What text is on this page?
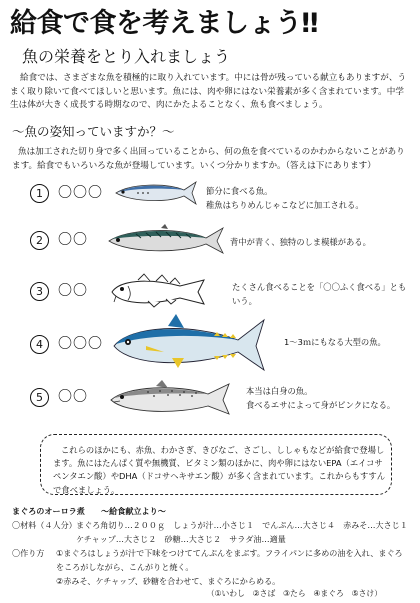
給食で食を考えましょう‼
魚の栄養をとり入れましょう
給食では、さまざまな魚を積極的に取り入れています。中には骨が残っている献立もありますが、うまく取り除いて食べてほしいと思います。魚には、肉や卵にはない栄養素が多く含まれています。中学生は体が大きく成長する時期なので、肉にかたよることなく、魚も食べましょう。
～魚の姿知っていますか？～
魚は加工された切り身で多く出回っていることから、何の魚を食べているのかわからないことがあります。給食でもいろいろな魚が登場しています。いくつ分かりますか。（答えは下にあります）
1	〇〇〇	節分に食べる魚。
稚魚はちりめんじゃこなどに加工される。
2	〇〇	背中が青く、独特のしま模様がある。
3	〇〇	たくさん食べることを「〇〇ふく食べる」とも
いう。
4	〇〇〇	1～3ｍにもなる大型の魚。
5	〇〇	本当は白身の魚。
食べるエサによって身がピンクになる。
これらのほかにも、赤魚、わかさぎ、きびなご、さごし、ししゃもなどが給食で登場します。魚にはたんぱく質や無機質、ビタミン類のほかに、肉や卵にはないEPA（エイコサペンタエン酸）やDHA（ドコサヘキサエン酸）が多く含まれています。これからもすすんで食べましょう。
まぐろのオーロラ煮　　～給食献立より～
〇材料（４人分） まぐろ角切り…２００ｇ　しょうが汁…小さじ１　でんぷん…大さじ４　赤みそ…大さじ１
ケチャップ…大さじ２　砂糖…大さじ２　サラダ油…適量
〇作り方	①まぐろはしょうが汁で下味をつけててんぷんをまぶす。フライパンに多めの油を入れ、まぐろをころがしながら、こんがりと焼く。
②赤みそ、ケチャップ、砂糖を合わせて、まぐろにからめる。
（①いわし　②さば　③たら　④まぐろ　⑤さけ）
